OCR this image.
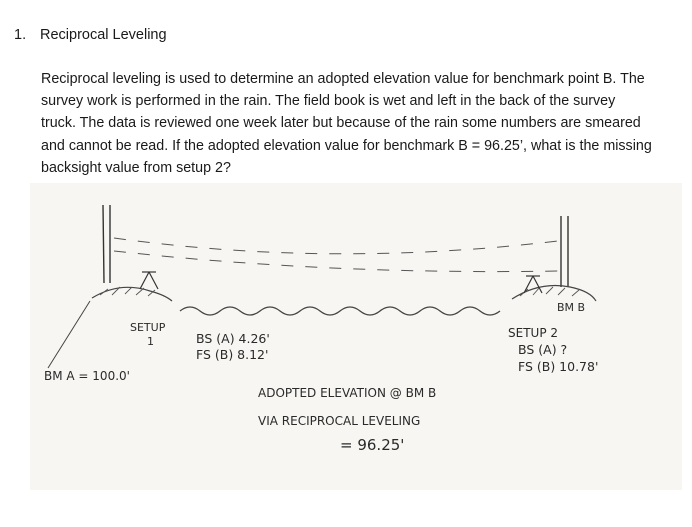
1. Reciprocal Leveling
Reciprocal leveling is used to determine an adopted elevation value for benchmark point B. The
survey work is performed in the rain. The field book is wet and left in the back of the survey
truck. The data is reviewed one week later but because of the rain some numbers are smeared
and cannot be read. If the adopted elevation value for benchmark B = 96.25’, what is the missing
backsight value from setup 2?
SETUP
1
BM A = 100.0'
BS (A) 4.26'
FS (B) 8.12'
BM B
SETUP 2
BS (A) ?
FS (B) 10.78'
ADOPTED ELEVATION @ BM B
VIA RECIPROCAL LEVELING
= 96.25'
